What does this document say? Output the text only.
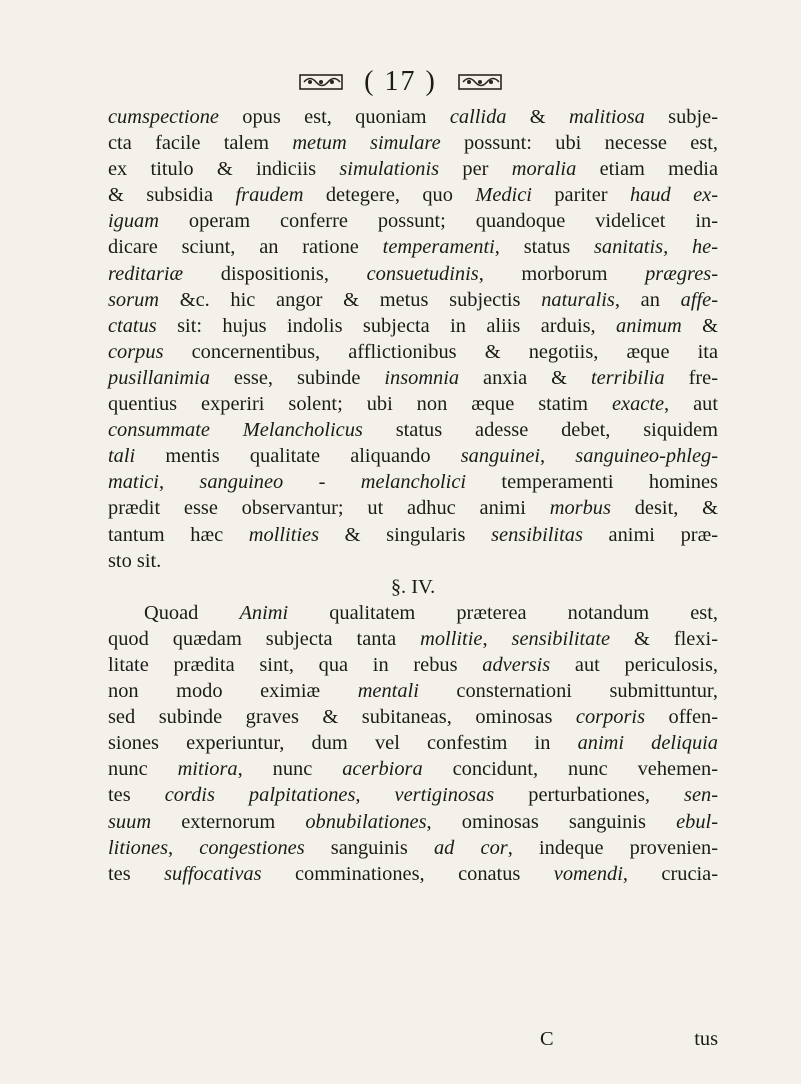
( 17 )
cumspectione opus est, quoniam callida & malitiosa subje-
cta facile talem metum simulare possunt: ubi necesse est,
ex titulo & indiciis simulationis per moralia etiam media
& subsidia fraudem detegere, quo Medici pariter haud ex-
iguam operam conferre possunt; quandoque videlicet in-
dicare sciunt, an ratione temperamenti, status sanitatis, he-
reditariæ dispositionis, consuetudinis, morborum prægres-
sorum &c. hic angor & metus subjectis naturalis, an affe-
ctatus sit: hujus indolis subjecta in aliis arduis, animum &
corpus concernentibus, afflictionibus & negotiis, æque ita
pusillanimia esse, subinde insomnia anxia & terribilia fre-
quentius experiri solent; ubi non æque statim exacte, aut
consummate Melancholicus status adesse debet, siquidem
tali mentis qualitate aliquando sanguinei, sanguineo-phleg-
matici, sanguineo - melancholici temperamenti homines
prædit esse observantur; ut adhuc animi morbus desit, &
tantum hæc mollities & singularis sensibilitas animi præ-
sto sit.
§. IV.
Quoad Animi qualitatem præterea notandum est,
quod quædam subjecta tanta mollitie, sensibilitate & flexi-
litate prædita sint, qua in rebus adversis aut periculosis,
non modo eximiæ mentali consternationi submittuntur,
sed subinde graves & subitaneas, ominosas corporis offen-
siones experiuntur, dum vel confestim in animi deliquia
nunc mitiora, nunc acerbiora concidunt, nunc vehemen-
tes cordis palpitationes, vertiginosas perturbationes, sen-
suum externorum obnubilationes, ominosas sanguinis ebul-
litiones, congestiones sanguinis ad cor, indeque provenien-
tes suffocativas comminationes, conatus vomendi, crucia-
C	tus
